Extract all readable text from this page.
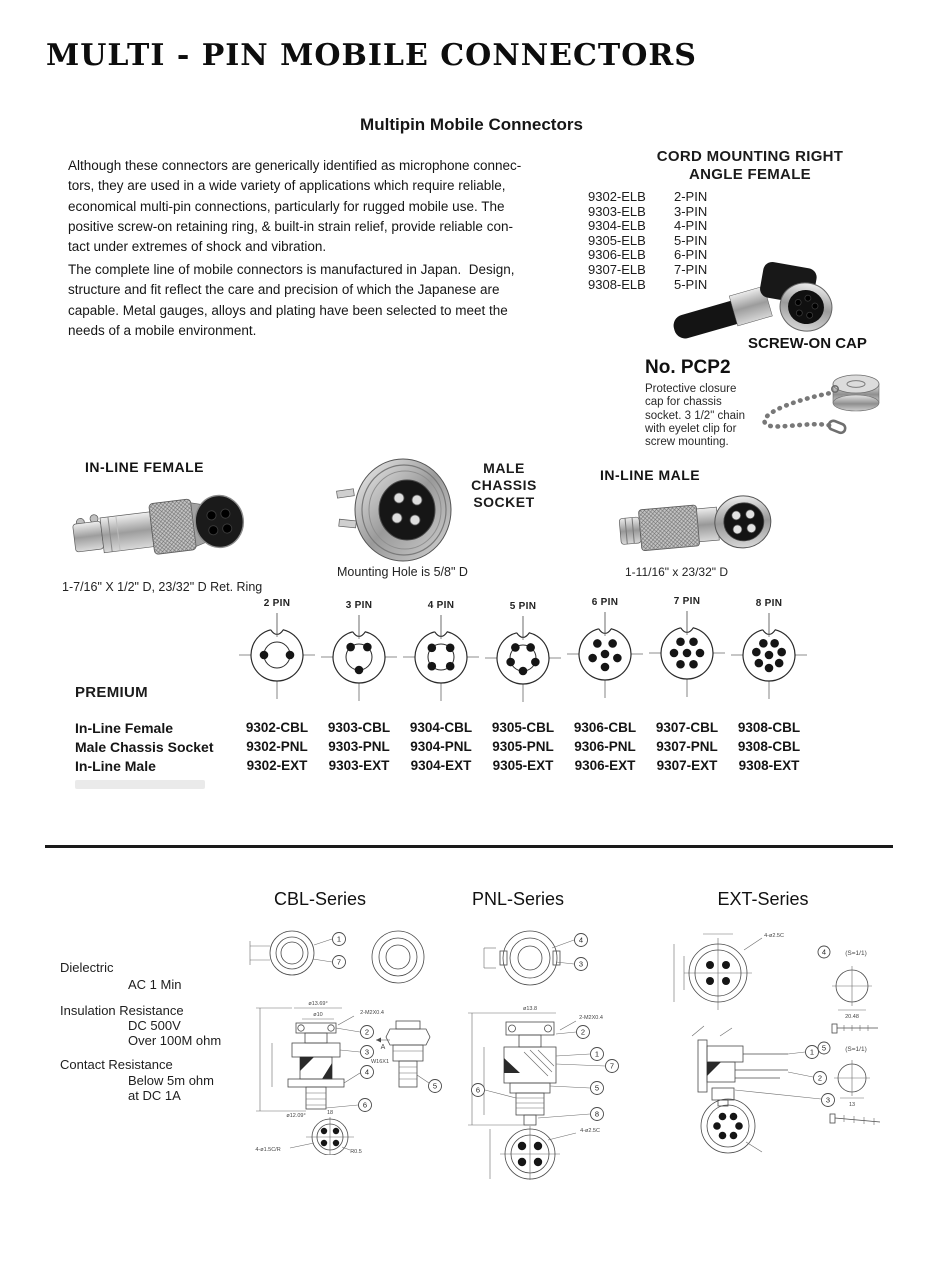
MULTI - PIN MOBILE CONNECTORS
Multipin Mobile Connectors
Although these connectors are generically identified as microphone connec-
tors, they are used in a wide variety of applications which require reliable,
economical multi-pin connections, particularly for rugged mobile use. The
positive screw-on retaining ring, & built-in strain relief, provide reliable con-
tact under extremes of shock and vibration.
The complete line of mobile connectors is manufactured in Japan.  Design,
structure and fit reflect the care and precision of which the Japanese are
capable. Metal gauges, alloys and plating have been selected to meet the
needs of a mobile environment.
CORD MOUNTING RIGHT
ANGLE FEMALE
9302-ELB 2-PIN
9303-ELB 3-PIN
9304-ELB 4-PIN
9305-ELB 5-PIN
9306-ELB 6-PIN
9307-ELB 7-PIN
9308-ELB 5-PIN
SCREW-ON CAP
No. PCP2
Protective closure
cap for chassis
socket. 3 1/2" chain
with eyelet clip for
screw mounting.
IN-LINE FEMALE
1-7/16" X 1/2" D, 23/32" D Ret. Ring
MALE
CHASSIS
SOCKET
Mounting Hole is 5/8" D
IN-LINE MALE
1-11/16" x 23/32" D
2 PIN	3 PIN	4 PIN	5 PIN	6 PIN	7 PIN	8 PIN
PREMIUM
In-Line Female	9302-CBL	9303-CBL	9304-CBL	9305-CBL	9306-CBL	9307-CBL	9308-CBL
Male Chassis Socket	9302-PNL	9303-PNL	9304-PNL	9305-PNL	9306-PNL	9307-PNL	9308-CBL
In-Line Male	9302-EXT	9303-EXT	9304-EXT	9305-EXT	9306-EXT	9307-EXT	9308-EXT
CBL-Series	PNL-Series	EXT-Series
Dielectric
AC 1 Min
Insulation Resistance
DC 500V
Over 100M ohm
Contact Resistance
Below 5m ohm
at DC 1A
1
7
ø13.69°
ø10	2-M2X0.4
2
3
W16X1
4
6
ø12.09°
A
5
18
R0.5
4-ø1.5C/R
4
3
ø13.8
2-M2X0.4
2
1
7
5
8
6
4-ø2.5C
4-ø2.5C
1
2
3
4	(S=1/1)
20.48
5	(S=1/1)
13
